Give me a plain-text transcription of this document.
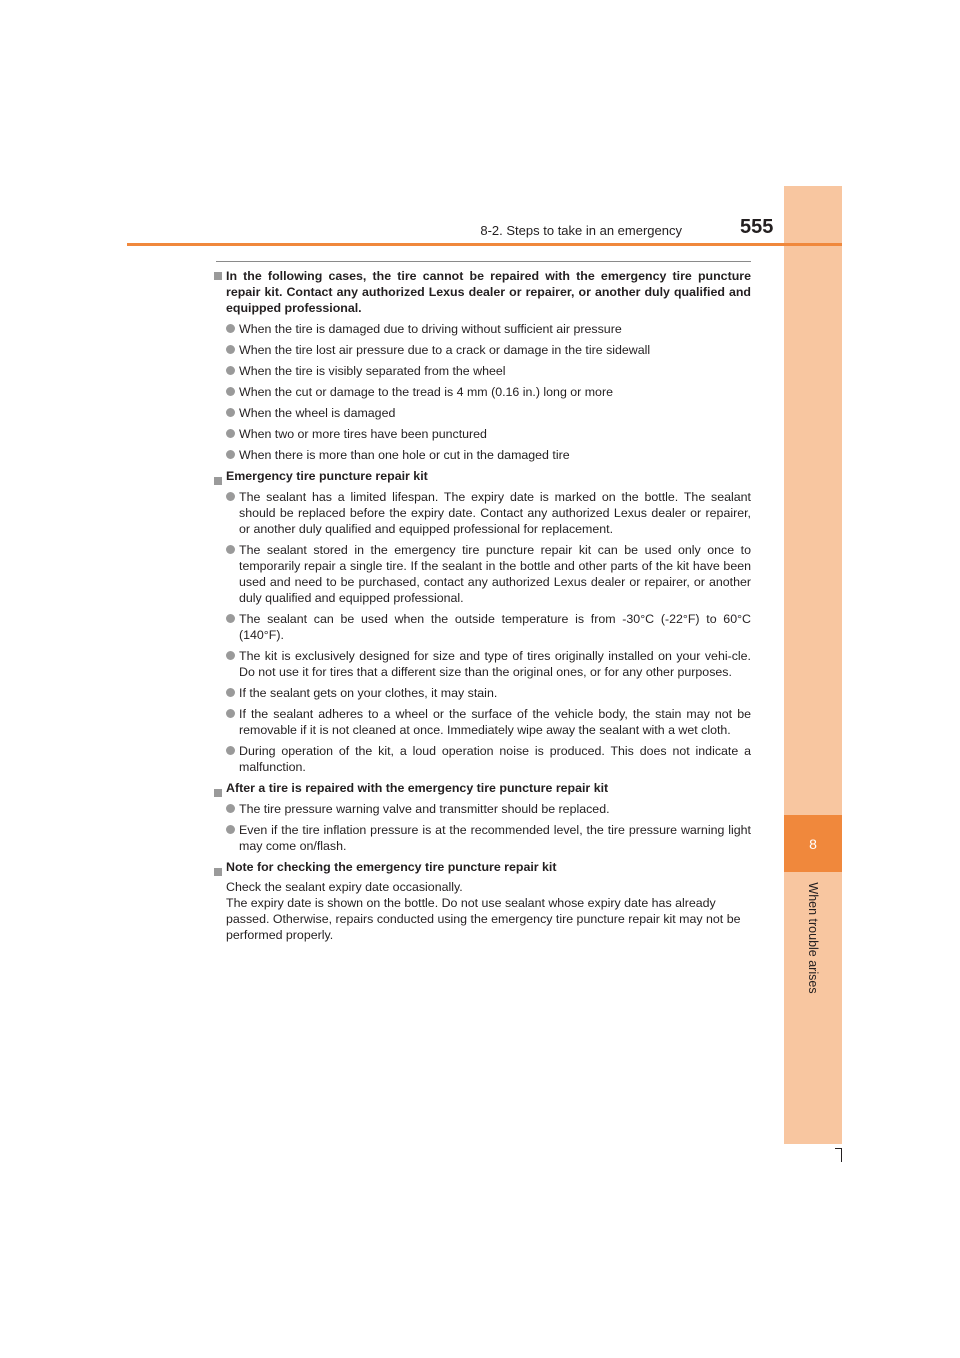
8
When trouble arises
8-2. Steps to take in an emergency	555
In the following cases, the tire cannot be repaired with the emergency tire puncture repair kit. Contact any authorized Lexus dealer or repairer, or another duly qualified and equipped professional.
When the tire is damaged due to driving without sufficient air pressure
When the tire lost air pressure due to a crack or damage in the tire sidewall
When the tire is visibly separated from the wheel
When the cut or damage to the tread is 4 mm (0.16 in.) long or more
When the wheel is damaged
When two or more tires have been punctured
When there is more than one hole or cut in the damaged tire
Emergency tire puncture repair kit
The sealant has a limited lifespan. The expiry date is marked on the bottle. The sealant should be replaced before the expiry date. Contact any authorized Lexus dealer or repairer, or another duly qualified and equipped professional for replacement.
The sealant stored in the emergency tire puncture repair kit can be used only once to temporarily repair a single tire. If the sealant in the bottle and other parts of the kit have been used and need to be purchased, contact any authorized Lexus dealer or repairer, or another duly qualified and equipped professional.
The sealant can be used when the outside temperature is from -30°C (-22°F) to 60°C (140°F).
The kit is exclusively designed for size and type of tires originally installed on your vehi-cle. Do not use it for tires that a different size than the original ones, or for any other purposes.
If the sealant gets on your clothes, it may stain.
If the sealant adheres to a wheel or the surface of the vehicle body, the stain may not be removable if it is not cleaned at once. Immediately wipe away the sealant with a wet cloth.
During operation of the kit, a loud operation noise is produced. This does not indicate a malfunction.
After a tire is repaired with the emergency tire puncture repair kit
The tire pressure warning valve and transmitter should be replaced.
Even if the tire inflation pressure is at the recommended level, the tire pressure warning light may come on/flash.
Note for checking the emergency tire puncture repair kit

Check the sealant expiry date occasionally.

The expiry date is shown on the bottle. Do not use sealant whose expiry date has already passed. Otherwise, repairs conducted using the emergency tire puncture repair kit may not be performed properly.
